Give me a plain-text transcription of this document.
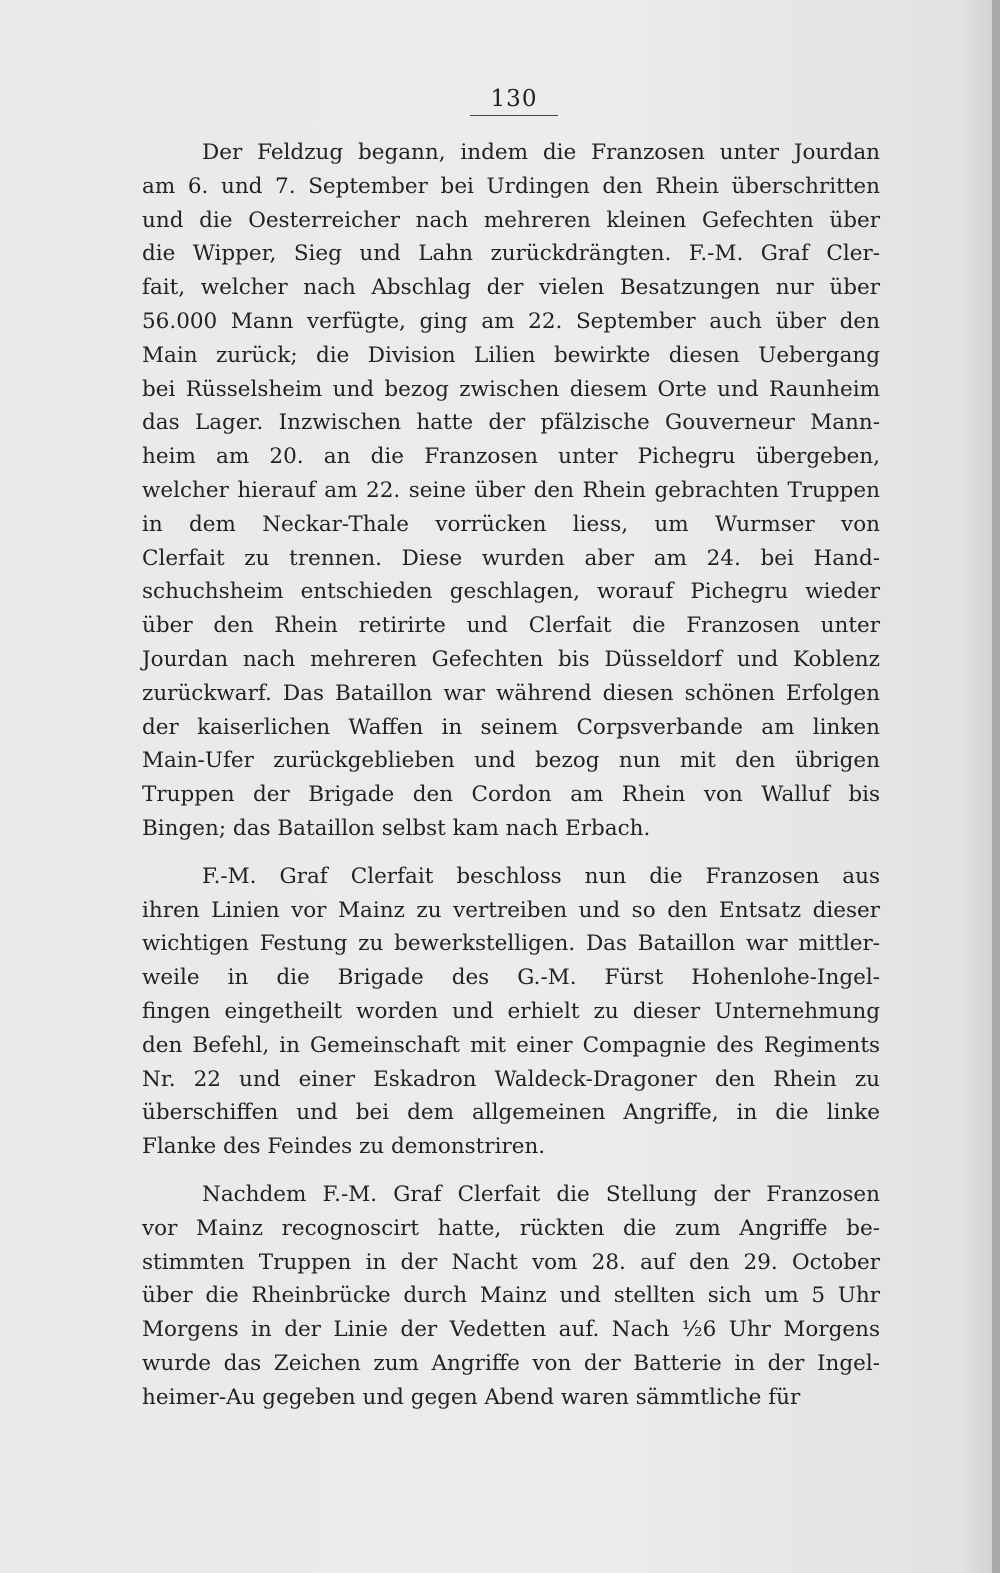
130

Der Feldzug begann, indem die Franzosen unter Jourdan
am 6. und 7. September bei Urdingen den Rhein überschritten
und die Oesterreicher nach mehreren kleinen Gefechten über
die Wipper, Sieg und Lahn zurückdrängten. F.-M. Graf Cler-
fait, welcher nach Abschlag der vielen Besatzungen nur über
56.000 Mann verfügte, ging am 22. September auch über den
Main zurück; die Division Lilien bewirkte diesen Uebergang
bei Rüsselsheim und bezog zwischen diesem Orte und Raunheim
das Lager. Inzwischen hatte der pfälzische Gouverneur Mann-
heim am 20. an die Franzosen unter Pichegru übergeben,
welcher hierauf am 22. seine über den Rhein gebrachten Truppen
in dem Neckar-Thale vorrücken liess, um Wurmser von
Clerfait zu trennen. Diese wurden aber am 24. bei Hand-
schuchsheim entschieden geschlagen, worauf Pichegru wieder
über den Rhein retirirte und Clerfait die Franzosen unter
Jourdan nach mehreren Gefechten bis Düsseldorf und Koblenz
zurückwarf. Das Bataillon war während diesen schönen Erfolgen
der kaiserlichen Waffen in seinem Corpsverbande am linken
Main-Ufer zurückgeblieben und bezog nun mit den übrigen
Truppen der Brigade den Cordon am Rhein von Walluf bis
Bingen; das Bataillon selbst kam nach Erbach.

F.-M. Graf Clerfait beschloss nun die Franzosen aus
ihren Linien vor Mainz zu vertreiben und so den Entsatz dieser
wichtigen Festung zu bewerkstelligen. Das Bataillon war mittler-
weile in die Brigade des G.-M. Fürst Hohenlohe-Ingel-
fingen eingetheilt worden und erhielt zu dieser Unternehmung
den Befehl, in Gemeinschaft mit einer Compagnie des Regiments
Nr. 22 und einer Eskadron Waldeck-Dragoner den Rhein zu
überschiffen und bei dem allgemeinen Angriffe, in die linke
Flanke des Feindes zu demonstriren.

Nachdem F.-M. Graf Clerfait die Stellung der Franzosen
vor Mainz recognoscirt hatte, rückten die zum Angriffe be-
stimmten Truppen in der Nacht vom 28. auf den 29. October
über die Rheinbrücke durch Mainz und stellten sich um 5 Uhr
Morgens in der Linie der Vedetten auf. Nach ½6 Uhr Morgens
wurde das Zeichen zum Angriffe von der Batterie in der Ingel-
heimer-Au gegeben und gegen Abend waren sämmtliche für
